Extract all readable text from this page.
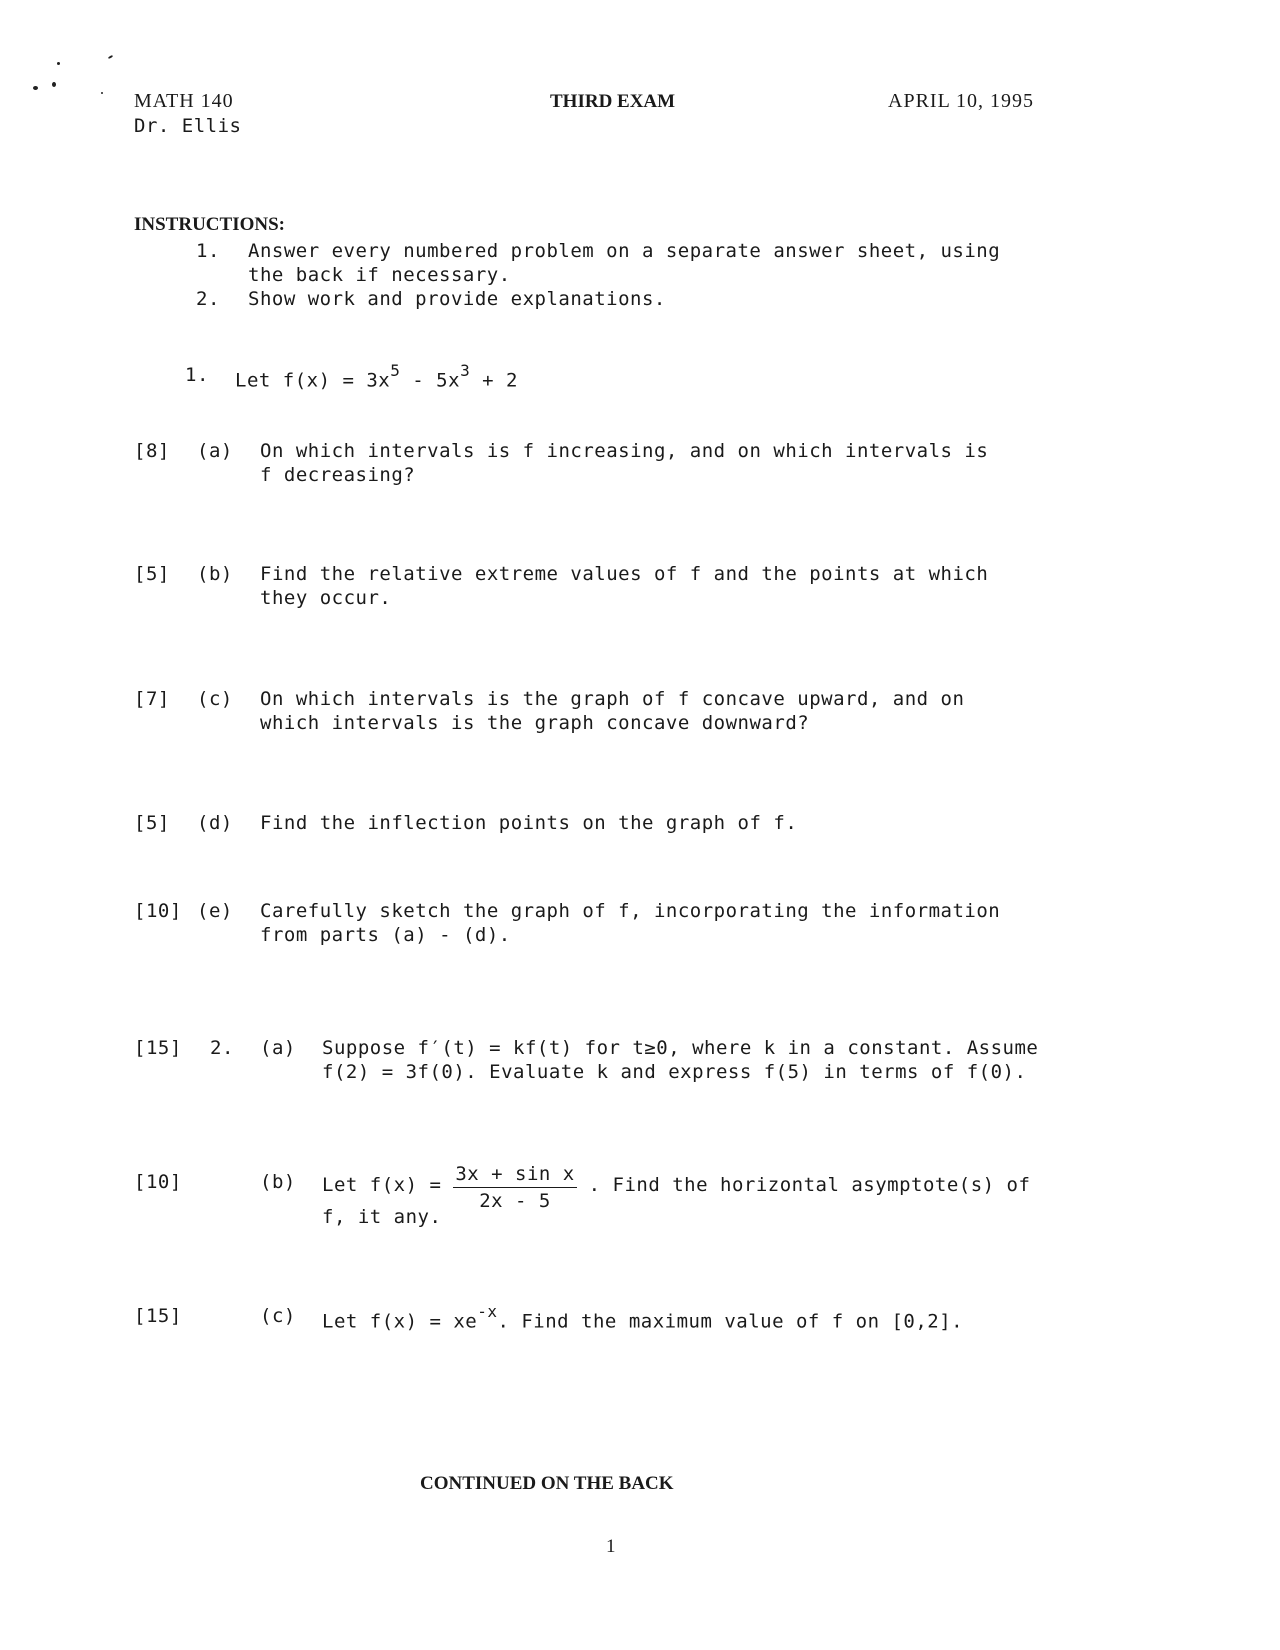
MATH 140
Dr. Ellis
THIRD EXAM	APRIL 10, 1995
INSTRUCTIONS:
1. Answer every numbered problem on a separate answer sheet, using
the back if necessary.
2. Show work and provide explanations.
1. Let $f(x) = 3x^5 - 5x^3 + 2$
[8] (a) On which intervals is f increasing, and on which intervals is
f decreasing?
[5] (b) Find the relative extreme values of f and the points at which
they occur.
[7] (c) On which intervals is the graph of f concave upward, and on
which intervals is the graph concave downward?
[5] (d) Find the inflection points on the graph of f.
[10] (e) Carefully sketch the graph of f, incorporating the information
from parts (a) - (d).
[15] 2. (a) Suppose f′(t) = kf(t) for t≥0, where k in a constant. Assume
f(2) = 3f(0). Evaluate k and express f(5) in terms of f(0).
[10]	(b) Let $f(x) = \frac{\text{3x + sin x}}{2x - 5}$ . Find the horizontal asymptote(s) of
f, it any.
[15]	(c) Let $f(x) = xe^{-x}$. Find the maximum value of f on [0,2].
CONTINUED ON THE BACK
1
